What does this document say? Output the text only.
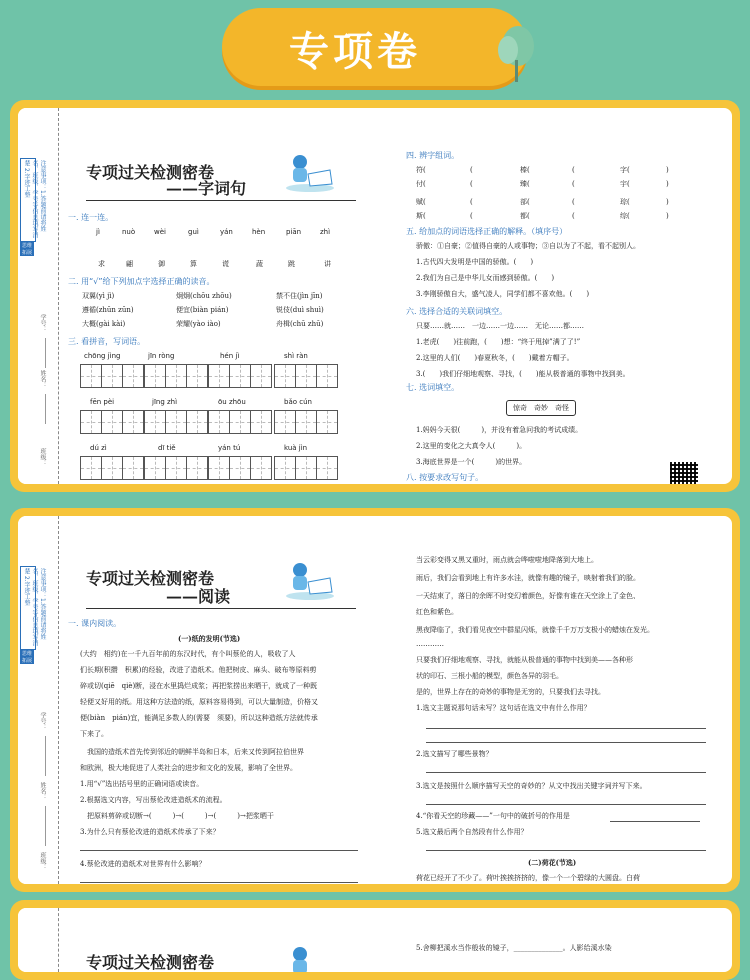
专项卷
注意事项：1.答题前请将姓名、班级、学号等信息填写清楚 2.字迹工整
思维拓展
学号：
姓名：
班级：
专项过关检测密卷
——字词句
一. 连一连。
jì	nuò	wèi	guì	yán	hèn	piān	zhì
求	翩	御	算	谎	蔬	跳	讲
二. 用“√”给下列加点字选择正确的读音。
双翼(yì jì)	炯炯(chōu zhōu)	禁不住(jìn jīn)
遵循(zhūn zūn)	便宜(biàn pián)	锐伎(duì shuì)
大概(gài kài)	荣耀(yào iào)	舟楫(chū zhū)
三. 看拼音，写词语。
chōng jìng	jīn ròng	hén jì	shì ràn
fēn pèi	jīng zhì	ōu zhōu	bǎo cún
dú zì	dī tiě	yán tú	kuà jìn
四. 辨字组词。
符(	(	榛(	(	字(	)
付(	(	臻(	(	宇(	)
赋(	(	部(	(	琮(	)
斯(	(	都(	(	综(	)
五. 给加点的词语选择正确的解释。（填序号）
骄傲：①自豪；②值得自豪的人或事物；③自以为了不起，看不起别人。
1.古代四大发明是中国的骄傲。(　　)
2.我们为自己是中华儿女而感到骄傲。(　　)
3.李刚骄傲自大，盛气凌人，同学们都不喜欢他。(　　)
六. 选择合适的关联词填空。
只要……就……　一边……一边……　无论……都……
1.老虎(　　)往前跑，(　　)想：“终于甩掉”满了了!”
2.这里的人们(　　)春夏秋冬，(　　)戴着方帽子。
3.(　　)我们仔细地观察、寻找，(　　)能从极普通的事物中找到美。
七. 选词填空。
惊奇　奇妙　奇怪
1.妈妈今天很(　　　)，并没有着急问我的考试成绩。
2.这里的变化之大真令人(　　　)。
3.海底世界是一个(　　　)的世界。
八. 按要求改写句子。
注意事项：1.答题前请将姓名、班级、学号等信息填写清楚 2.字迹工整
思维拓展
学号：
姓名：
班级：
专项过关检测密卷
——阅读
一. 课内阅读。
(一)纸的发明(节选)
(大约　相约)在一千九百年前的东汉时代，有个叫蔡伦的人，吸收了人
们长期(积攒　积累)的经验，改进了造纸术。他把树皮、麻头、破布等原料剪
碎或切(qiē　qiè)断，浸在水里捣烂成浆；再把浆捞出来晒干，就成了一种既
轻便又好用的纸。用这种方法造的纸，原料容易得到，可以大量制造，价格又
便(biàn　pián)宜，能满足多数人的(需要　须要)，所以这种造纸方法就传承
下来了。
　我国的造纸术首先传到邻近的朝鲜半岛和日本，后来又传到阿拉伯世界
和欧洲，极大地促进了人类社会的进步和文化的发展，影响了全世界。
1.用“√”选出括号里的正确词语或读音。
2.根据选文内容，写出蔡伦改进造纸术的流程。
　把原料剪碎或切断→(　　　)→(　　　)→(　　　)→把浆晒干
3.为什么只有蔡伦改进的造纸术传承了下来？
4.蔡伦改进的造纸术对世界有什么影响？
当云彩变得又黑又重时，雨点就会哗啦啦地降落到大地上。
雨后，我们会看到地上有许多水洼，就像有趣的镜子，映射着我们的脸。
一天结束了，落日的余晖不时变幻着颜色，好像有谁在天空涂上了金色、
红色和紫色。
黑夜降临了，我们看见夜空中群星闪烁，就像千千万万支极小的蜡烛在发光。
…………
只要我们仔细地观察、寻找，就能从极普通的事物中找到美——各种形
状的印石、三根小船的模型，颜色各异的羽毛。
是的，世界上存在的奇妙的事物是无穷的，只要我们去寻找。
1.选文主题说那句话未写？这句话在选文中有什么作用？
2.选文描写了哪些景物？
3.选文是按照什么顺序描写天空的奇妙的？从文中找出关键字词并写下来。
4.“你看天空的珍藏——”一句中的破折号的作用是
5.选文最后两个自然段有什么作用？
(二)荷花(节选)
荷花已经开了不少了。荷叶挨挨挤挤的，像一个一个碧绿的大圆盘。白荷
专项过关检测密卷
5.舍柳把溪水当作般妆的镜子，______________。人影给溪水染
